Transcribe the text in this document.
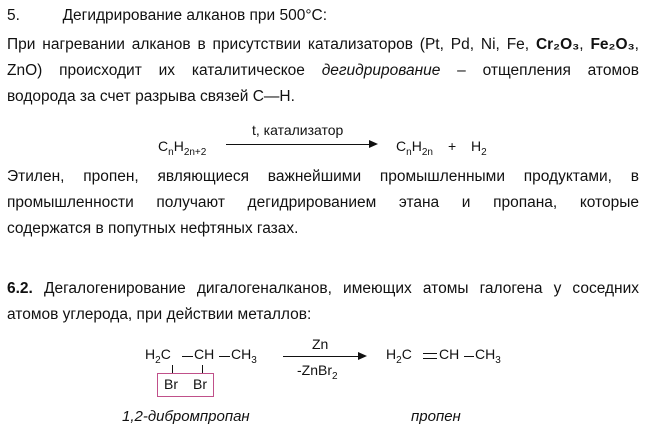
5.	Дегидрирование алканов при 500°С:
При нагревании алканов в присутствии катализаторов (Pt, Pd, Ni, Fe, Cr₂O₃, Fe₂O₃,
ZnO) происходит их каталитическое дегидрирование – отщепления атомов
водорода за счет разрыва связей С—Н.
$C_nH_{2n+2}$
t, катализатор
$C_nH_{2n} + H_2$
Этилен, пропен, являющиеся важнейшими промышленными продуктами, в
промышленности получают дегидрированием этана и пропана, которые
содержатся в попутных нефтяных газах.
6.2. Дегалогенирование дигалогеналканов, имеющих атомы галогена у соседних
атомов углерода, при действии металлов:
$H_2C$ CH $CH_3$
Br Br
Zn
-ZnBr$_2$
$H_2C$ CH $CH_3$
1,2-дибромпропан	пропен
